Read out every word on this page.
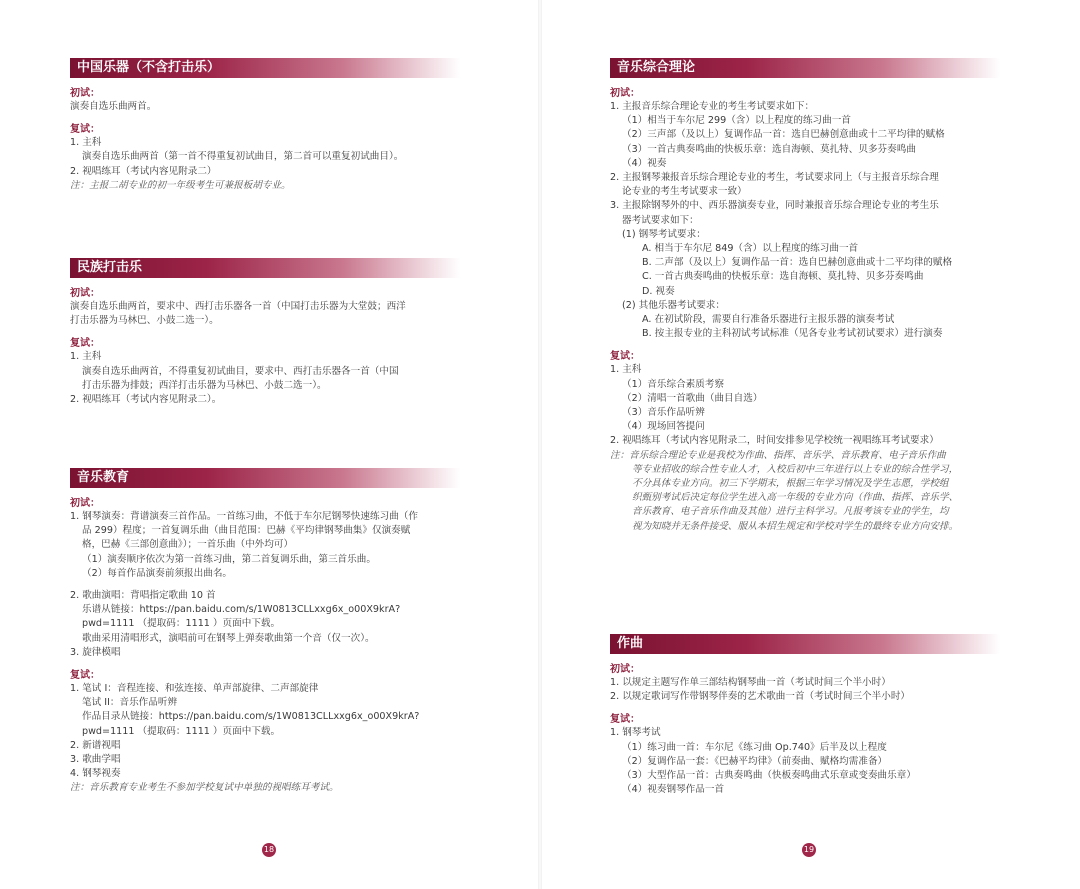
中国乐器（不含打击乐）
初试：
演奏自选乐曲两首。
复试：
1. 主科
演奏自选乐曲两首（第一首不得重复初试曲目，第二首可以重复初试曲目）。
2. 视唱练耳（考试内容见附录二）
注：主报二胡专业的初一年级考生可兼报板胡专业。
民族打击乐
初试：
演奏自选乐曲两首，要求中、西打击乐器各一首（中国打击乐器为大堂鼓；西洋
打击乐器为马林巴、小鼓二选一）。
复试：
1. 主科
演奏自选乐曲两首，不得重复初试曲目，要求中、西打击乐器各一首（中国
打击乐器为排鼓；西洋打击乐器为马林巴、小鼓二选一）。
2. 视唱练耳（考试内容见附录二）。
音乐教育
初试：
1. 钢琴演奏：背谱演奏三首作品。一首练习曲，不低于车尔尼钢琴快速练习曲（作
品 299）程度；一首复调乐曲（曲目范围：巴赫《平均律钢琴曲集》仅演奏赋
格，巴赫《三部创意曲》）；一首乐曲（中外均可）
（1）演奏顺序依次为第一首练习曲，第二首复调乐曲，第三首乐曲。
（2）每首作品演奏前须报出曲名。
2. 歌曲演唱：背唱指定歌曲 10 首
乐谱从链接：https://pan.baidu.com/s/1W0813CLLxxg6x_o00X9krA?
pwd=1111 （提取码：1111 ）页面中下载。
歌曲采用清唱形式，演唱前可在钢琴上弹奏歌曲第一个音（仅一次）。
3. 旋律模唱
复试：
1. 笔试 I：音程连接、和弦连接、单声部旋律、二声部旋律
笔试 II：音乐作品听辨
作品目录从链接：https://pan.baidu.com/s/1W0813CLLxxg6x_o00X9krA?
pwd=1111 （提取码：1111 ）页面中下载。
2. 新谱视唱
3. 歌曲学唱
4. 钢琴视奏
注：音乐教育专业考生不参加学校复试中单独的视唱练耳考试。
18
音乐综合理论
初试：
1. 主报音乐综合理论专业的考生考试要求如下：
（1）相当于车尔尼 299（含）以上程度的练习曲一首
（2）三声部（及以上）复调作品一首：选自巴赫创意曲或十二平均律的赋格
（3）一首古典奏鸣曲的快板乐章：选自海顿、莫扎特、贝多芬奏鸣曲
（4）视奏
2. 主报钢琴兼报音乐综合理论专业的考生，考试要求同上（与主报音乐综合理
论专业的考生考试要求一致）
3. 主报除钢琴外的中、西乐器演奏专业，同时兼报音乐综合理论专业的考生乐
器考试要求如下：
(1) 钢琴考试要求：
A. 相当于车尔尼 849（含）以上程度的练习曲一首
B. 二声部（及以上）复调作品一首：选自巴赫创意曲或十二平均律的赋格
C. 一首古典奏鸣曲的快板乐章：选自海顿、莫扎特、贝多芬奏鸣曲
D. 视奏
(2) 其他乐器考试要求：
A. 在初试阶段，需要自行准备乐器进行主报乐器的演奏考试
B. 按主报专业的主科初试考试标准（见各专业考试初试要求）进行演奏
复试：
1. 主科
（1）音乐综合素质考察
（2）清唱一首歌曲（曲目自选）
（3）音乐作品听辨
（4）现场回答提问
2. 视唱练耳（考试内容见附录二，时间安排参见学校统一视唱练耳考试要求）
注：音乐综合理论专业是我校为作曲、指挥、音乐学、音乐教育、电子音乐作曲
等专业招收的综合性专业人才，入校后初中三年进行以上专业的综合性学习，
不分具体专业方向。初三下学期末，根据三年学习情况及学生志愿，学校组
织甄别考试后决定每位学生进入高一年级的专业方向（作曲、指挥、音乐学、
音乐教育、电子音乐作曲及其他）进行主科学习。凡报考该专业的学生，均
视为知晓并无条件接受、服从本招生规定和学校对学生的最终专业方向安排。
作曲
初试：
1. 以规定主题写作单三部结构钢琴曲一首（考试时间三个半小时）
2. 以规定歌词写作带钢琴伴奏的艺术歌曲一首（考试时间三个半小时）
复试：
1. 钢琴考试
（1）练习曲一首：车尔尼《练习曲 Op.740》后半及以上程度
（2）复调作品一套：《巴赫平均律》（前奏曲、赋格均需准备）
（3）大型作品一首：古典奏鸣曲（快板奏鸣曲式乐章或变奏曲乐章）
（4）视奏钢琴作品一首
19
